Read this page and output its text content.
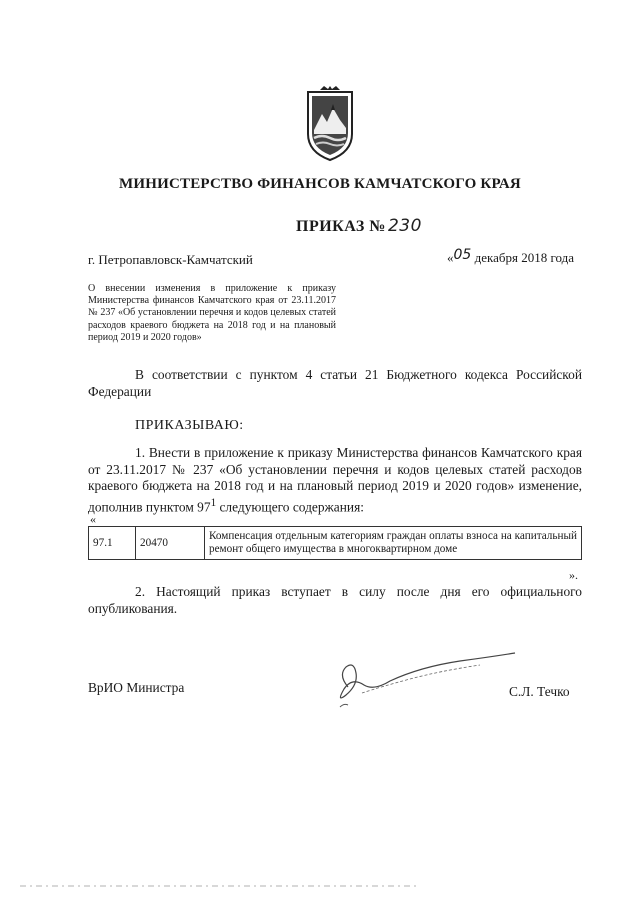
МИНИСТЕРСТВО ФИНАНСОВ КАМЧАТСКОГО КРАЯ
ПРИКАЗ № 230
г. Петропавловск-Камчатский	«05 декабря 2018 года
О внесении изменения в приложение к приказу Министерства финансов Камчатского края от 23.11.2017 № 237 «Об установлении перечня и кодов целевых статей расходов краевого бюджета на 2018 год и на плановый период 2019 и 2020 годов»
В соответствии с пунктом 4 статьи 21 Бюджетного кодекса Российской Федерации
ПРИКАЗЫВАЮ:
1. Внести в приложение к приказу Министерства финансов Камчатского края от 23.11.2017 № 237 «Об установлении перечня и кодов целевых статей расходов краевого бюджета на 2018 год и на плановый период 2019 и 2020 годов» изменение, дополнив пунктом $97^1$ следующего содержания:
«
97.1	20470	Компенсация отдельным категориям граждан оплаты взноса на капитальный ремонт общего имущества в многоквартирном доме
».
2. Настоящий приказ вступает в силу после дня его официального опубликования.
ВрИО Министра	С.Л. Течко
